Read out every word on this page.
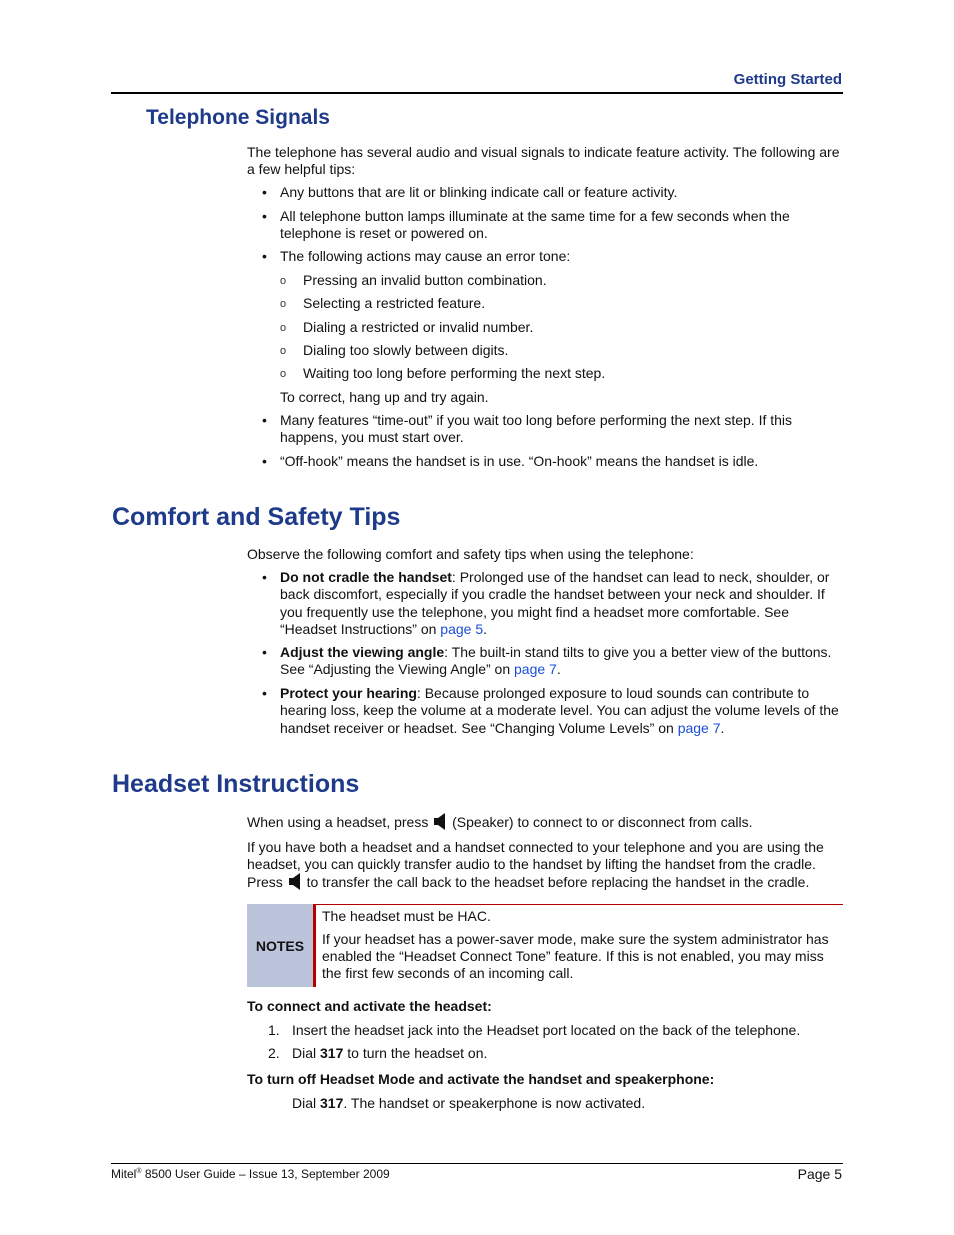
Getting Started
Telephone Signals
The telephone has several audio and visual signals to indicate feature activity. The following are a few helpful tips:
• Any buttons that are lit or blinking indicate call or feature activity.
• All telephone button lamps illuminate at the same time for a few seconds when the telephone is reset or powered on.
• The following actions may cause an error tone:
o Pressing an invalid button combination.
o Selecting a restricted feature.
o Dialing a restricted or invalid number.
o Dialing too slowly between digits.
o Waiting too long before performing the next step.
To correct, hang up and try again.
• Many features “time-out” if you wait too long before performing the next step. If this happens, you must start over.
• “Off-hook” means the handset is in use. “On-hook” means the handset is idle.
Comfort and Safety Tips
Observe the following comfort and safety tips when using the telephone:
• Do not cradle the handset: Prolonged use of the handset can lead to neck, shoulder, or back discomfort, especially if you cradle the handset between your neck and shoulder. If you frequently use the telephone, you might find a headset more comfortable. See “Headset Instructions” on page 5.
• Adjust the viewing angle: The built-in stand tilts to give you a better view of the buttons. See “Adjusting the Viewing Angle” on page 7.
• Protect your hearing: Because prolonged exposure to loud sounds can contribute to hearing loss, keep the volume at a moderate level. You can adjust the volume levels of the handset receiver or headset. See “Changing Volume Levels” on page 7.
Headset Instructions
When using a headset, press (Speaker) to connect to or disconnect from calls.
If you have both a headset and a handset connected to your telephone and you are using the headset, you can quickly transfer audio to the handset by lifting the handset from the cradle. Press to transfer the call back to the headset before replacing the handset in the cradle.
NOTES
The headset must be HAC.
If your headset has a power-saver mode, make sure the system administrator has enabled the “Headset Connect Tone” feature. If this is not enabled, you may miss the first few seconds of an incoming call.
To connect and activate the headset:
1. Insert the headset jack into the Headset port located on the back of the telephone.
2. Dial 317 to turn the headset on.
To turn off Headset Mode and activate the handset and speakerphone:
Dial 317. The handset or speakerphone is now activated.
Mitel® 8500 User Guide – Issue 13, September 2009	Page 5
